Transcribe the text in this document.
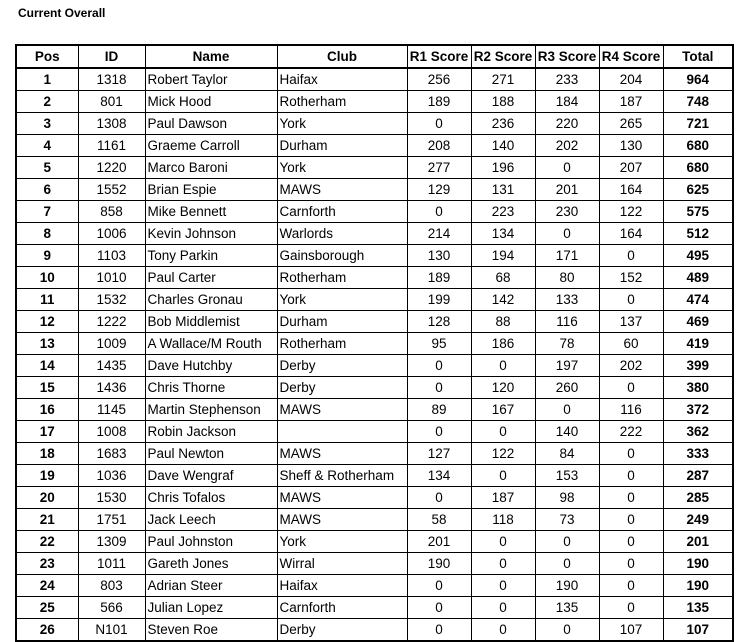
Current Overall
Pos	ID	Name	Club	R1 Score	R2 Score	R3 Score	R4 Score	Total
1	1318	Robert Taylor	Haifax	256	271	233	204	964
2	801	Mick Hood	Rotherham	189	188	184	187	748
3	1308	Paul Dawson	York	0	236	220	265	721
4	1161	Graeme Carroll	Durham	208	140	202	130	680
5	1220	Marco Baroni	York	277	196	0	207	680
6	1552	Brian Espie	MAWS	129	131	201	164	625
7	858	Mike Bennett	Carnforth	0	223	230	122	575
8	1006	Kevin Johnson	Warlords	214	134	0	164	512
9	1103	Tony Parkin	Gainsborough	130	194	171	0	495
10	1010	Paul Carter	Rotherham	189	68	80	152	489
11	1532	Charles Gronau	York	199	142	133	0	474
12	1222	Bob Middlemist	Durham	128	88	116	137	469
13	1009	A Wallace/M Routh	Rotherham	95	186	78	60	419
14	1435	Dave Hutchby	Derby	0	0	197	202	399
15	1436	Chris Thorne	Derby	0	120	260	0	380
16	1145	Martin Stephenson	MAWS	89	167	0	116	372
17	1008	Robin Jackson		0	0	140	222	362
18	1683	Paul Newton	MAWS	127	122	84	0	333
19	1036	Dave Wengraf	Sheff & Rotherham	134	0	153	0	287
20	1530	Chris Tofalos	MAWS	0	187	98	0	285
21	1751	Jack Leech	MAWS	58	118	73	0	249
22	1309	Paul Johnston	York	201	0	0	0	201
23	1011	Gareth Jones	Wirral	190	0	0	0	190
24	803	Adrian Steer	Haifax	0	0	190	0	190
25	566	Julian Lopez	Carnforth	0	0	135	0	135
26	N101	Steven Roe	Derby	0	0	0	107	107
